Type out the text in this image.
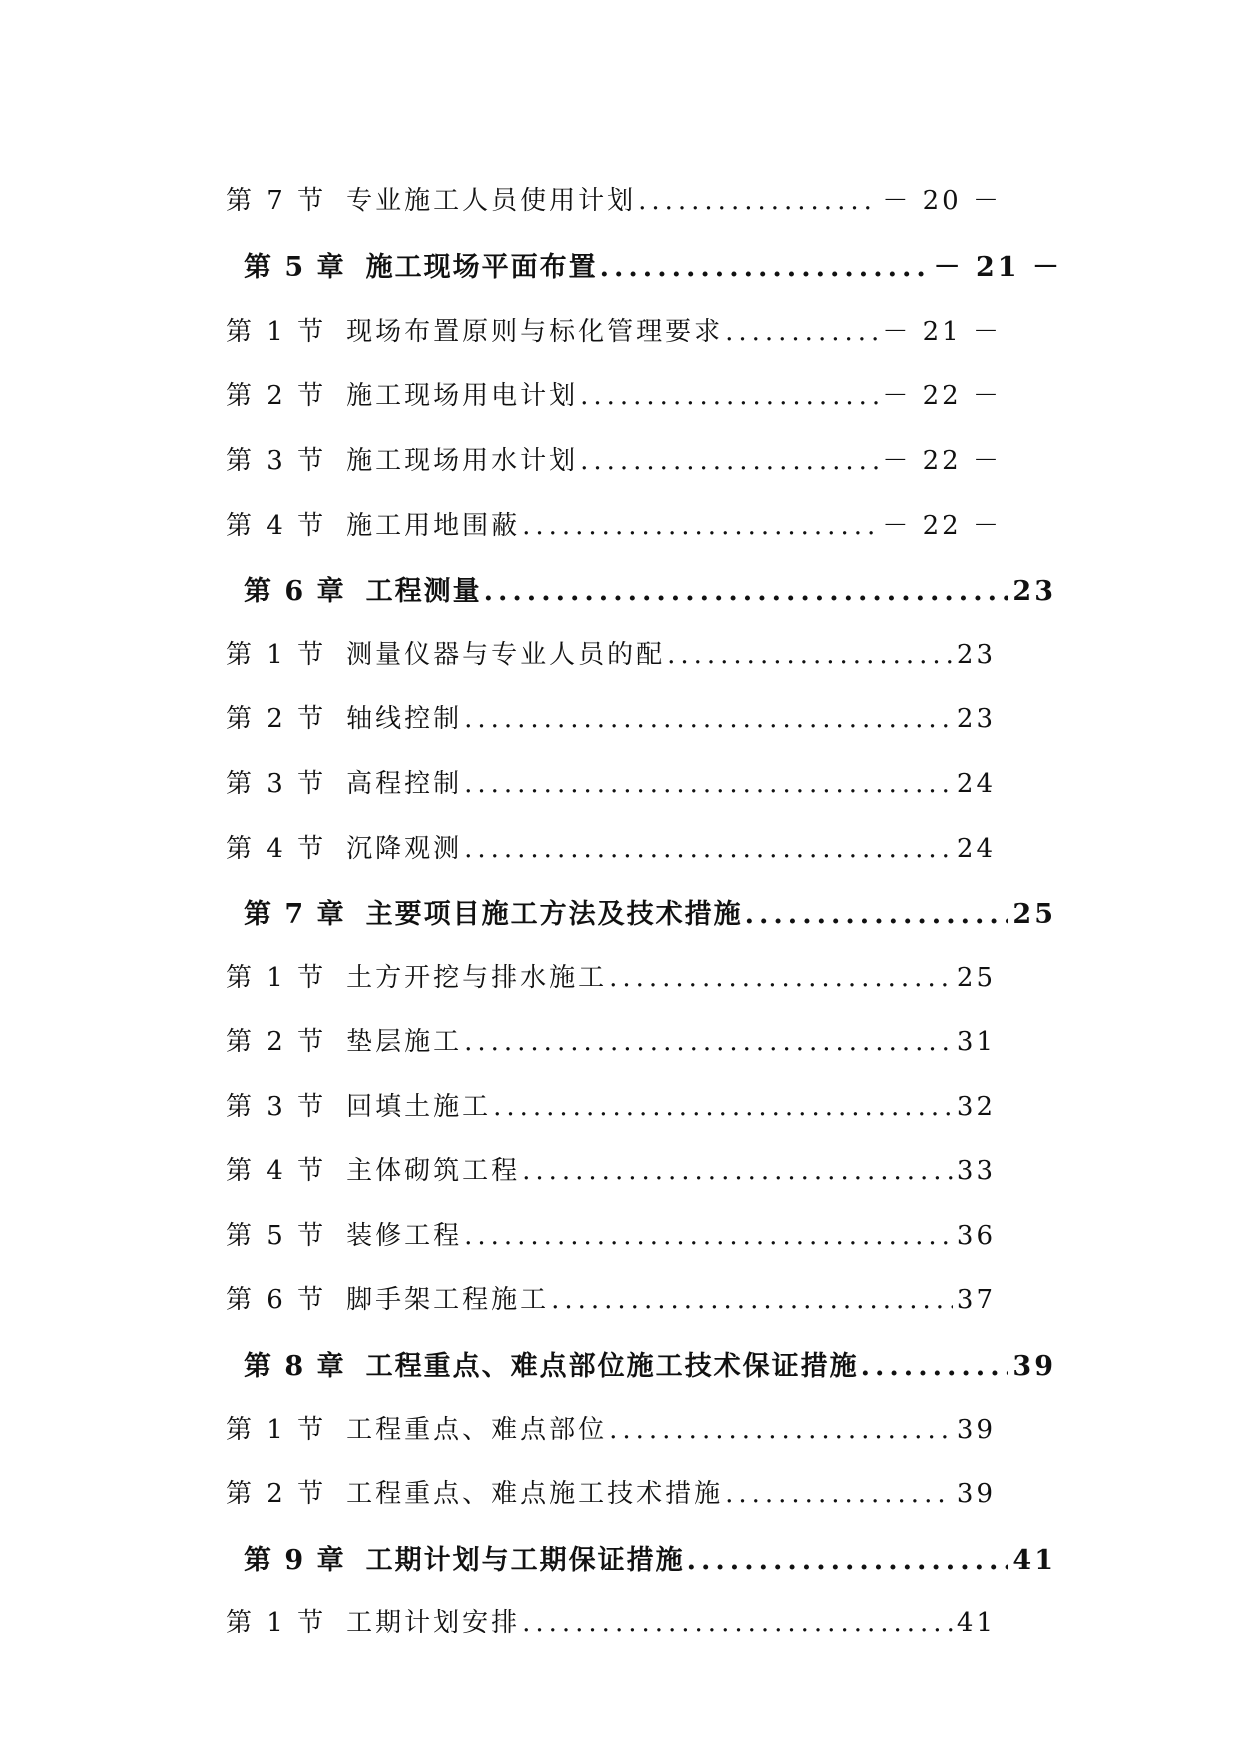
第 7 节 专业施工人员使用计划 .....	－ 20 －
第 5 章 施工现场平面布置 .....	－ 21 －
第 1 节 现场布置原则与标化管理要求 .....	－ 21 －
第 2 节 施工现场用电计划 .....	－ 22 －
第 3 节 施工现场用水计划 .....	－ 22 －
第 4 节 施工用地围蔽 .....	－ 22 －
第 6 章 工程测量 .....	23
第 1 节 测量仪器与专业人员的配 .....	23
第 2 节 轴线控制 .....	23
第 3 节 高程控制 .....	24
第 4 节 沉降观测 .....	24
第 7 章 主要项目施工方法及技术措施 .....	25
第 1 节 土方开挖与排水施工 .....	25
第 2 节 垫层施工 .....	31
第 3 节 回填土施工 .....	32
第 4 节 主体砌筑工程 .....	33
第 5 节 装修工程 .....	36
第 6 节 脚手架工程施工 .....	37
第 8 章 工程重点、难点部位施工技术保证措施 .....	39
第 1 节 工程重点、难点部位 .....	39
第 2 节 工程重点、难点施工技术措施 .....	39
第 9 章 工期计划与工期保证措施 .....	41
第 1 节 工期计划安排 .....	41
